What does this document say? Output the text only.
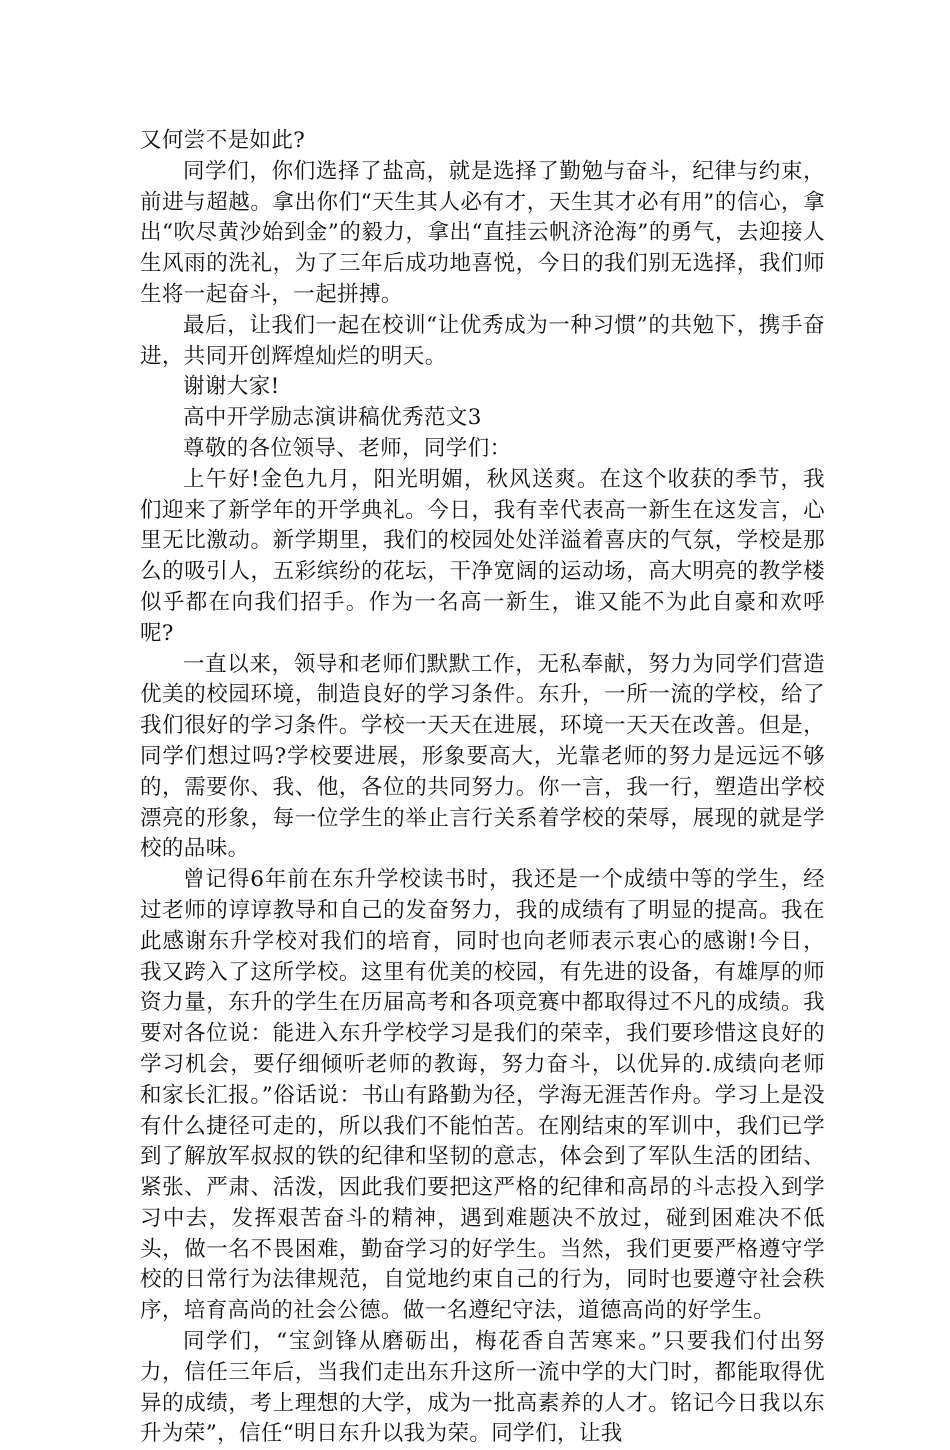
又何尝不是如此?

同学们，你们选择了盐高，就是选择了勤勉与奋斗，纪律与约束，前进与超越。拿出你们“天生其人必有才，天生其才必有用”的信心，拿出“吹尽黄沙始到金”的毅力，拿出“直挂云帆济沧海”的勇气，去迎接人生风雨的洗礼，为了三年后成功地喜悦，今日的我们别无选择，我们师生将一起奋斗，一起拼搏。

最后，让我们一起在校训“让优秀成为一种习惯”的共勉下，携手奋进，共同开创辉煌灿烂的明天。

谢谢大家!

高中开学励志演讲稿优秀范文3

尊敬的各位领导、老师，同学们：

上午好!金色九月，阳光明媚，秋风送爽。在这个收获的季节，我们迎来了新学年的开学典礼。今日，我有幸代表高一新生在这发言，心里无比激动。新学期里，我们的校园处处洋溢着喜庆的气氛，学校是那么的吸引人，五彩缤纷的花坛，干净宽阔的运动场，高大明亮的教学楼似乎都在向我们招手。作为一名高一新生，谁又能不为此自豪和欢呼呢?

一直以来，领导和老师们默默工作，无私奉献，努力为同学们营造优美的校园环境，制造良好的学习条件。东升，一所一流的学校，给了我们很好的学习条件。学校一天天在进展，环境一天天在改善。但是，同学们想过吗?学校要进展，形象要高大，光靠老师的努力是远远不够的，需要你、我、他，各位的共同努力。你一言，我一行，塑造出学校漂亮的形象，每一位学生的举止言行关系着学校的荣辱，展现的就是学校的品味。

曾记得6年前在东升学校读书时，我还是一个成绩中等的学生，经过老师的谆谆教导和自己的发奋努力，我的成绩有了明显的提高。我在此感谢东升学校对我们的培育，同时也向老师表示衷心的感谢!今日，我又跨入了这所学校。这里有优美的校园，有先进的设备，有雄厚的师资力量，东升的学生在历届高考和各项竞赛中都取得过不凡的成绩。我要对各位说：能进入东升学校学习是我们的荣幸，我们要珍惜这良好的学习机会，要仔细倾听老师的教诲，努力奋斗，以优异的.成绩向老师和家长汇报。”俗话说：书山有路勤为径，学海无涯苦作舟。学习上是没有什么捷径可走的，所以我们不能怕苦。在刚结束的军训中，我们已学到了解放军叔叔的铁的纪律和坚韧的意志，体会到了军队生活的团结、紧张、严肃、活泼，因此我们要把这严格的纪律和高昂的斗志投入到学习中去，发挥艰苦奋斗的精神，遇到难题决不放过，碰到困难决不低头，做一名不畏困难，勤奋学习的好学生。当然，我们更要严格遵守学校的日常行为法律规范，自觉地约束自己的行为，同时也要遵守社会秩序，培育高尚的社会公德。做一名遵纪守法，道德高尚的好学生。

同学们，“宝剑锋从磨砺出，梅花香自苦寒来。”只要我们付出努力，信任三年后，当我们走出东升这所一流中学的大门时，都能取得优异的成绩，考上理想的大学，成为一批高素养的人才。铭记今日我以东升为荣”，信任“明日东升以我为荣。同学们，让我
